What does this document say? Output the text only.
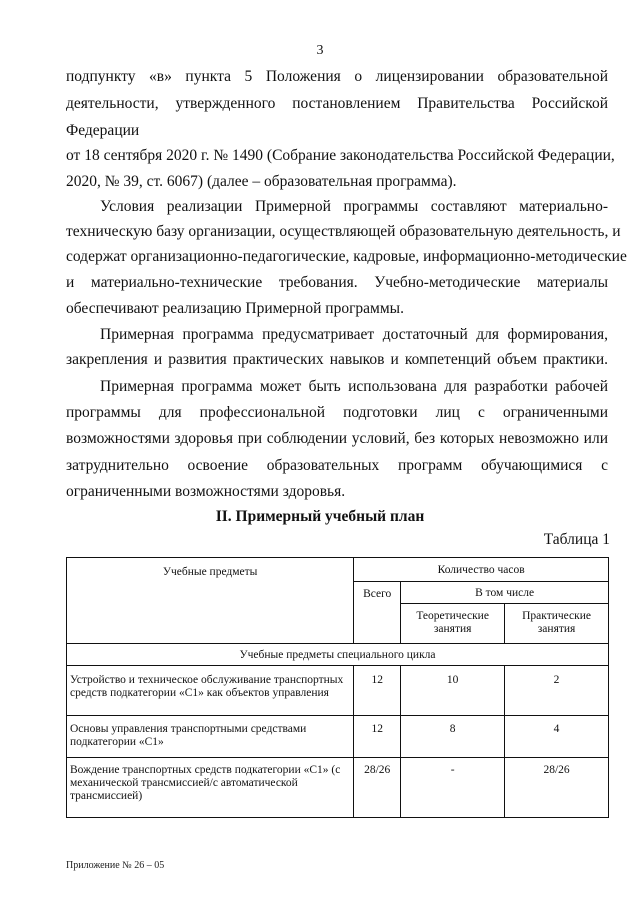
3
подпункту «в» пункта 5 Положения о лицензировании образовательной
деятельности, утвержденного постановлением Правительства Российской
Федерации
от 18 сентября 2020 г. № 1490 (Собрание законодательства Российской Федерации,
2020, № 39, ст. 6067) (далее – образовательная программа).
Условия реализации Примерной программы составляют материально-
техническую базу организации, осуществляющей образовательную деятельность, и
содержат организационно-педагогические, кадровые, информационно-методические
и материально-технические требования. Учебно-методические материалы
обеспечивают реализацию Примерной программы.
Примерная программа предусматривает достаточный для формирования,
закрепления и развития практических навыков и компетенций объем практики.
Примерная программа может быть использована для разработки рабочей
программы для профессиональной подготовки лиц с ограниченными
возможностями здоровья при соблюдении условий, без которых невозможно или
затруднительно освоение образовательных программ обучающимися с
ограниченными возможностями здоровья.
II. Примерный учебный план
Таблица 1
Учебные предметы	Количество часов		
	Всего	В том числе	
		Теоретические занятия	Практические занятия
Учебные предметы специального цикла			
Устройство и техническое обслуживание транспортных средств подкатегории «C1» как объектов управления	12	10	2
Основы управления транспортными средствами подкатегории «C1»	12	8	4
Вождение транспортных средств подкатегории «C1» (с механической трансмиссией/с автоматической трансмиссией)	28/26	-	28/26
Приложение № 26 – 05
